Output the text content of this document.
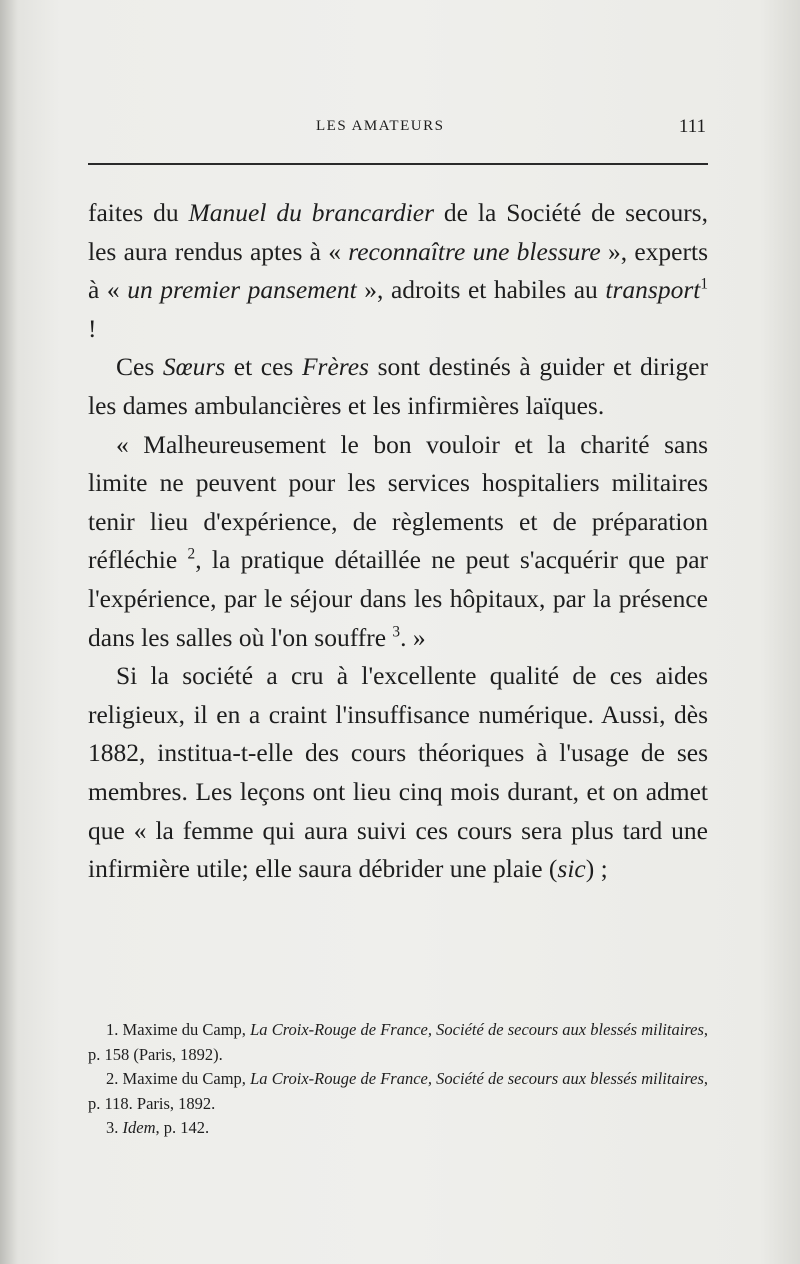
LES AMATEURS	111

faites du Manuel du brancardier de la Société de secours, les aura rendus aptes à « reconnaître une blessure », experts à « un premier pansement », adroits et habiles au transport$^1$ !

Ces Sœurs et ces Frères sont destinés à guider et diriger les dames ambulancières et les infirmières laïques.

« Malheureusement le bon vouloir et la charité sans limite ne peuvent pour les services hospitaliers militaires tenir lieu d'expérience, de règlements et de préparation réfléchie $^2$, la pratique détaillée ne peut s'acquérir que par l'expérience, par le séjour dans les hôpitaux, par la présence dans les salles où l'on souffre $^3$. »

Si la société a cru à l'excellente qualité de ces aides religieux, il en a craint l'insuffisance numérique. Aussi, dès 1882, institua-t-elle des cours théoriques à l'usage de ses membres. Les leçons ont lieu cinq mois durant, et on admet que « la femme qui aura suivi ces cours sera plus tard une infirmière utile; elle saura débrider une plaie (sic) ;

1. Maxime du Camp, La Croix-Rouge de France, Société de secours aux blessés militaires, p. 158 (Paris, 1892).

2. Maxime du Camp, La Croix-Rouge de France, Société de secours aux blessés militaires, p. 118. Paris, 1892.

3. Idem, p. 142.
